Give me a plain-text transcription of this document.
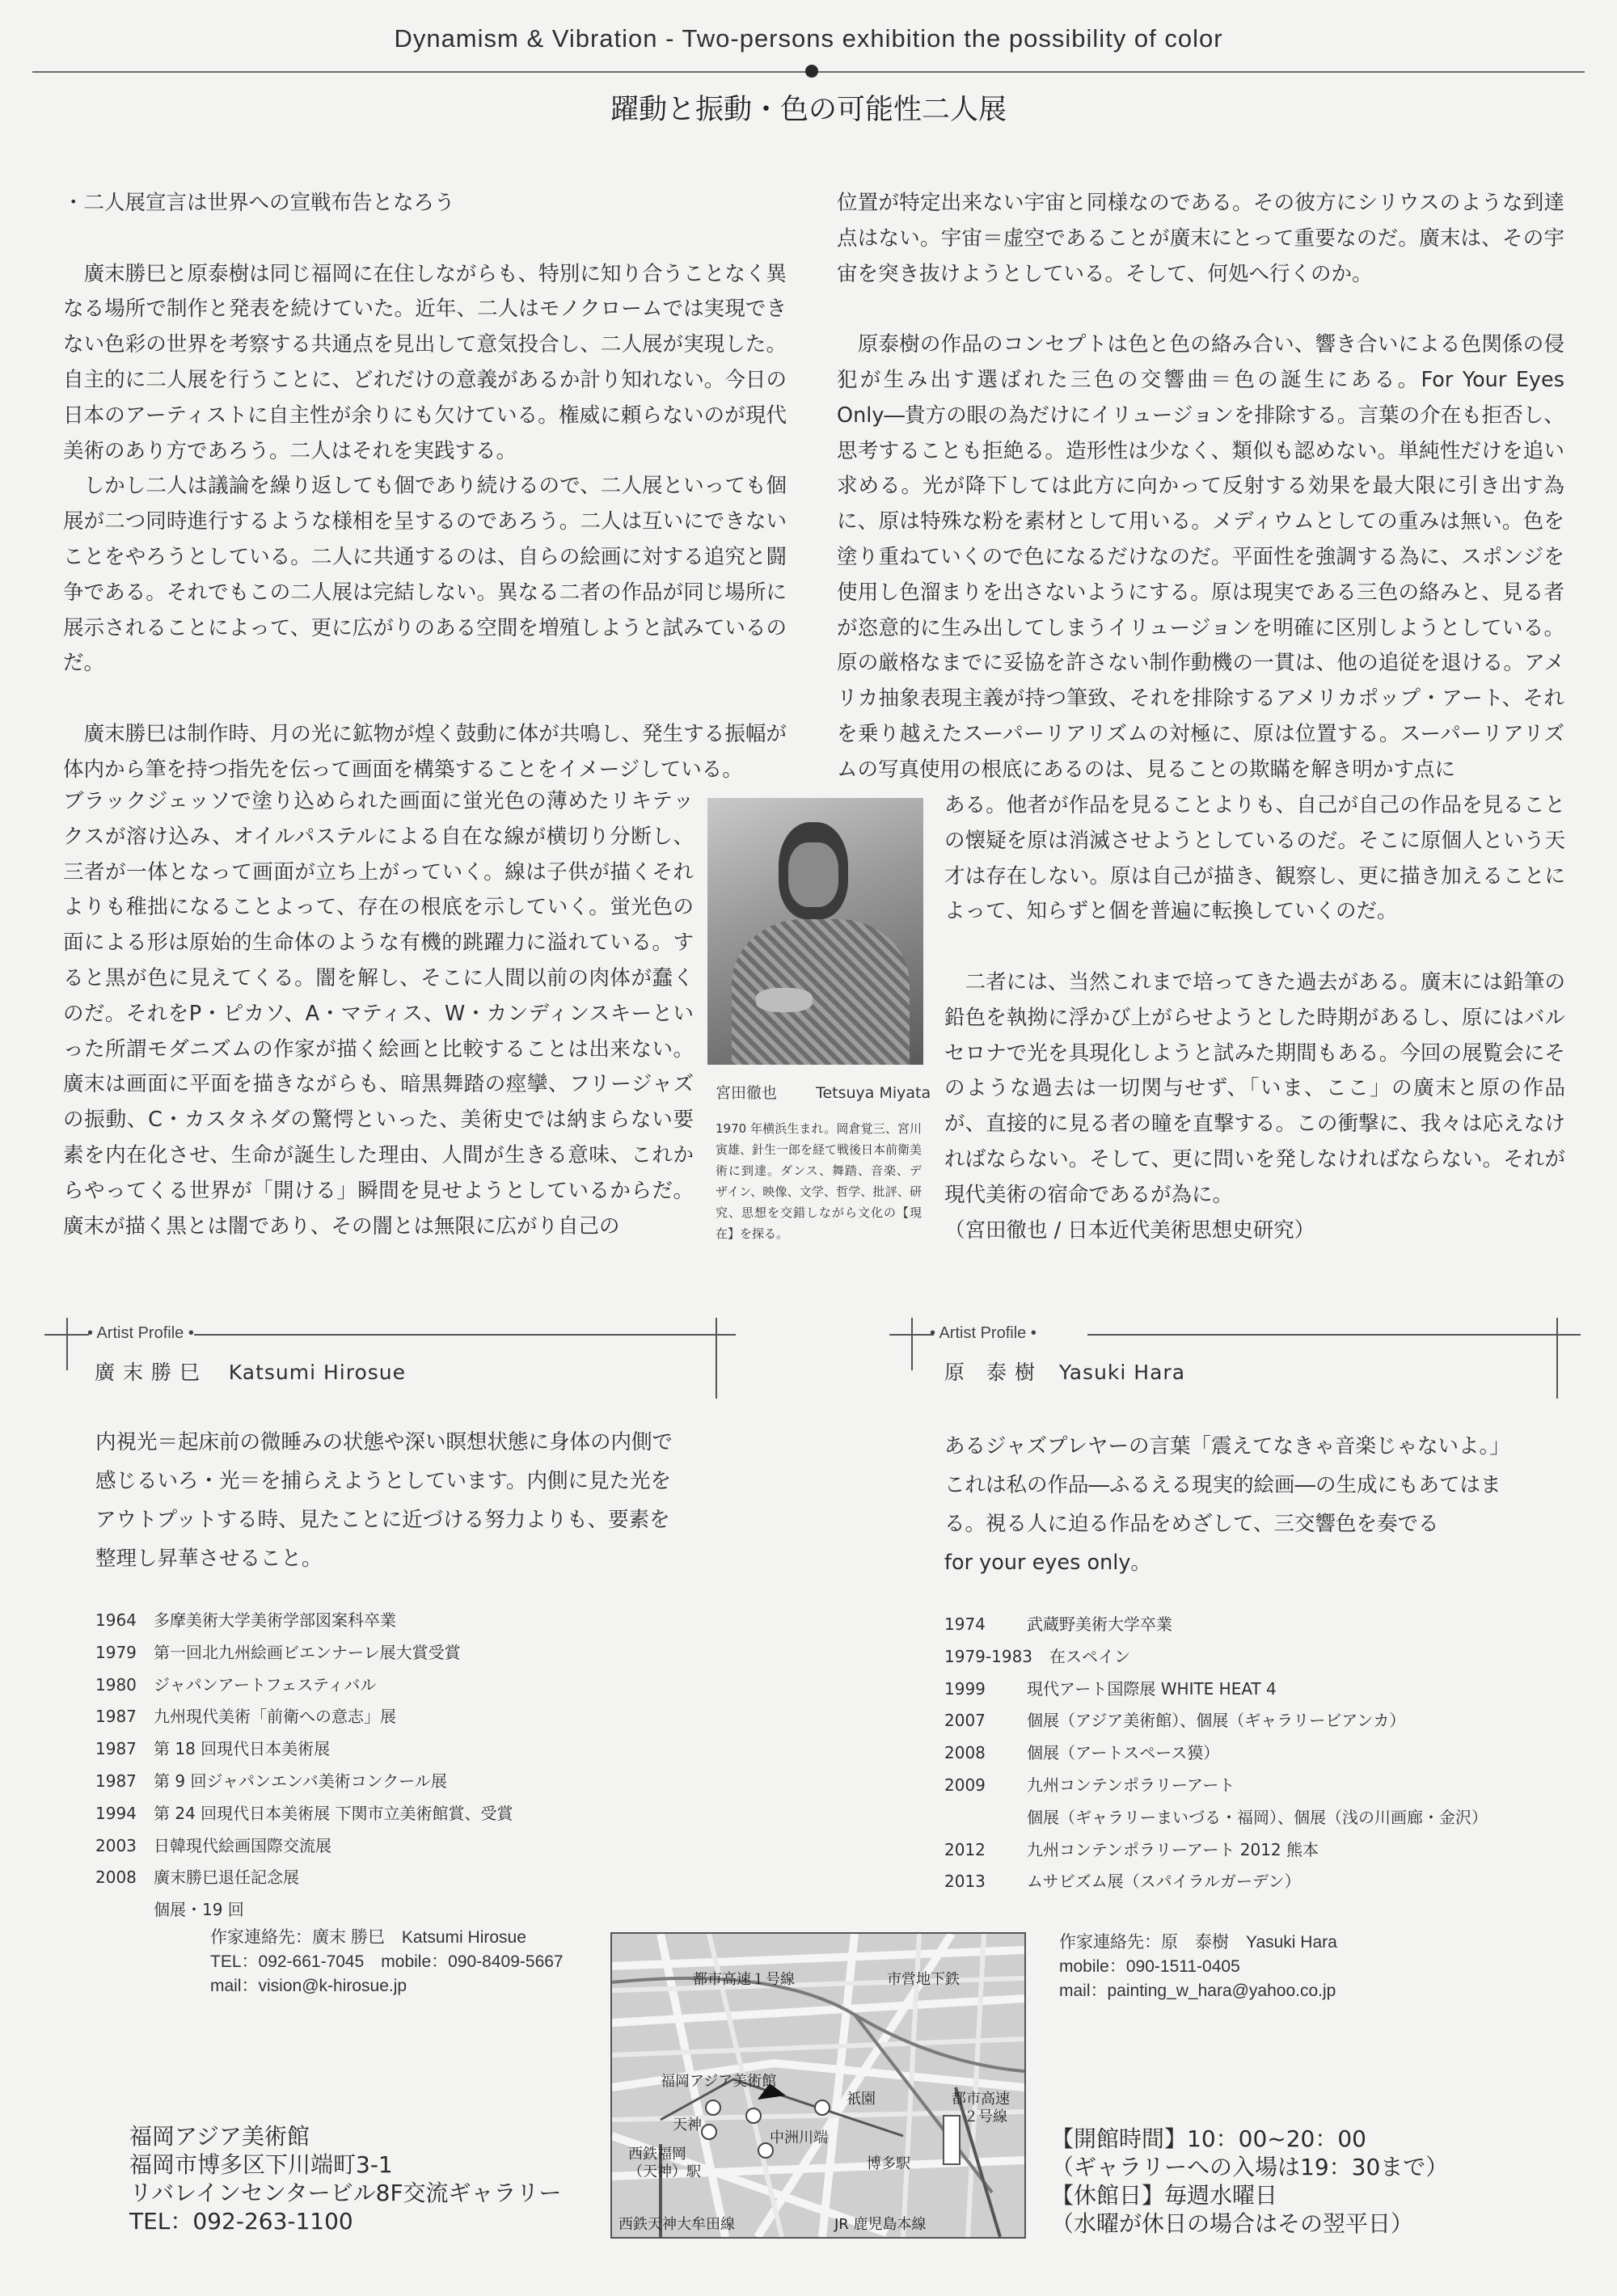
Dynamism & Vibration - Two-persons exhibition the possibility of color
躍動と振動・色の可能性二人展

・二人展宣言は世界への宣戦布告となろう

　廣末勝巳と原泰樹は同じ福岡に在住しながらも、特別に知り合うことなく異なる場所で制作と発表を続けていた。近年、二人はモノクロームでは実現できない色彩の世界を考察する共通点を見出して意気投合し、二人展が実現した。自主的に二人展を行うことに、どれだけの意義があるか計り知れない。今日の日本のアーティストに自主性が余りにも欠けている。権威に頼らないのが現代美術のあり方であろう。二人はそれを実践する。

　しかし二人は議論を繰り返しても個であり続けるので、二人展といっても個展が二つ同時進行するような様相を呈するのであろう。二人は互いにできないことをやろうとしている。二人に共通するのは、自らの絵画に対する追究と闘争である。それでもこの二人展は完結しない。異なる二者の作品が同じ場所に展示されることによって、更に広がりのある空間を増殖しようと試みているのだ。

　廣末勝巳は制作時、月の光に鉱物が煌く鼓動に体が共鳴し、発生する振幅が体内から筆を持つ指先を伝って画面を構築することをイメージしている。

ブラックジェッソで塗り込められた画面に蛍光色の薄めたリキテックスが溶け込み、オイルパステルによる自在な線が横切り分断し、三者が一体となって画面が立ち上がっていく。線は子供が描くそれよりも稚拙になることよって、存在の根底を示していく。蛍光色の面による形は原始的生命体のような有機的跳躍力に溢れている。すると黒が色に見えてくる。闇を解し、そこに人間以前の肉体が蠢くのだ。それをP・ピカソ、A・マティス、W・カンディンスキーといった所謂モダニズムの作家が描く絵画と比較することは出来ない。廣末は画面に平面を描きながらも、暗黒舞踏の痙攣、フリージャズの振動、C・カスタネダの驚愕といった、美術史では納まらない要素を内在化させ、生命が誕生した理由、人間が生きる意味、これからやってくる世界が「開ける」瞬間を見せようとしているからだ。廣末が描く黒とは闇であり、その闇とは無限に広がり自己の

宮田徹也	Tetsuya Miyata
1970 年横浜生まれ。岡倉覚三、宮川寅雄、針生一郎を経て戦後日本前衛美術に到達。ダンス、舞踏、音楽、デザイン、映像、文学、哲学、批評、研究、思想を交錯しながら文化の【現在】を探る。

位置が特定出来ない宇宙と同様なのである。その彼方にシリウスのような到達点はない。宇宙＝虚空であることが廣末にとって重要なのだ。廣末は、その宇宙を突き抜けようとしている。そして、何処へ行くのか。

　原泰樹の作品のコンセプトは色と色の絡み合い、響き合いによる色関係の侵犯が生み出す選ばれた三色の交響曲＝色の誕生にある。For Your Eyes Only―貴方の眼の為だけにイリュージョンを排除する。言葉の介在も拒否し、思考することも拒絶る。造形性は少なく、類似も認めない。単純性だけを追い求める。光が降下しては此方に向かって反射する効果を最大限に引き出す為に、原は特殊な粉を素材として用いる。メディウムとしての重みは無い。色を塗り重ねていくので色になるだけなのだ。平面性を強調する為に、スポンジを使用し色溜まりを出さないようにする。原は現実である三色の絡みと、見る者が恣意的に生み出してしまうイリュージョンを明確に区別しようとしている。原の厳格なまでに妥協を許さない制作動機の一貫は、他の追従を退ける。アメリカ抽象表現主義が持つ筆致、それを排除するアメリカポップ・アート、それを乗り越えたスーパーリアリズムの対極に、原は位置する。スーパーリアリズムの写真使用の根底にあるのは、見ることの欺瞞を解き明かす点に

ある。他者が作品を見ることよりも、自己が自己の作品を見ることの懐疑を原は消滅させようとしているのだ。そこに原個人という天才は存在しない。原は自己が描き、観察し、更に描き加えることによって、知らずと個を普遍に転換していくのだ。

　二者には、当然これまで培ってきた過去がある。廣末には鉛筆の鉛色を執拗に浮かび上がらせようとした時期があるし、原にはバルセロナで光を具現化しようと試みた期間もある。今回の展覧会にそのような過去は一切関与せず、「いま、ここ」の廣末と原の作品が、直接的に見る者の瞳を直撃する。この衝撃に、我々は応えなければならない。そして、更に問いを発しなければならない。それが現代美術の宿命であるが為に。

（宮田徹也 / 日本近代美術思想史研究）

• Artist Profile •
廣 末 勝 巳 Katsumi Hirosue
内視光＝起床前の微睡みの状態や深い瞑想状態に身体の内側で感じるいろ・光＝を捕らえようとしています。内側に見た光をアウトプットする時、見たことに近づける努力よりも、要素を整理し昇華させること。
1964	多摩美術大学美術学部図案科卒業
1979	第一回北九州絵画ビエンナーレ展大賞受賞
1980	ジャパンアートフェスティバル
1987	九州現代美術「前衛への意志」展
1987	第 18 回現代日本美術展
1987	第 9 回ジャパンエンバ美術コンクール展
1994	第 24 回現代日本美術展 下関市立美術館賞、受賞
2003	日韓現代絵画国際交流展
2008	廣末勝巳退任記念展
個展・19 回
• Artist Profile •
原　泰 樹 Yasuki Hara
あるジャズプレヤーの言葉「震えてなきゃ音楽じゃないよ。」
これは私の作品―ふるえる現実的絵画―の生成にもあてはまる。視る人に迫る作品をめざして、三交響色を奏でる
for your eyes only。
1974	武蔵野美術大学卒業
1979-1983	在スペイン
1999	現代アート国際展 WHITE HEAT 4
2007	個展（アジア美術館）、個展（ギャラリービアンカ）
2008	個展（アートスペース獏）
2009	九州コンテンポラリーアート
個展（ギャラリーまいづる・福岡）、個展（浅の川画廊・金沢）
2012	九州コンテンポラリーアート 2012 熊本
2013	ムサビズム展（スパイラルガーデン）
作家連絡先：廣末 勝巳　Katsumi Hirosue
TEL：092-661-7045　mobile：090-8409-5667
mail：vision@k-hirosue.jp
作家連絡先：原　泰樹　Yasuki Hara
mobile：090-1511-0405
mail：painting_w_hara@yahoo.co.jp
都市高速１号線	市営地下鉄
福岡アジア美術館
祇園	都市高速
２号線
天神
中洲川端
西鉄福岡
（天神）駅	博多駅
西鉄天神大牟田線	JR 鹿児島本線
福岡アジア美術館
福岡市博多区下川端町3-1
リバレインセンタービル8F交流ギャラリー
TEL：092-263-1100
【開館時間】10：00~20：00
（ギャラリーへの入場は19：30まで）
【休館日】毎週水曜日
（水曜が休日の場合はその翌平日）
